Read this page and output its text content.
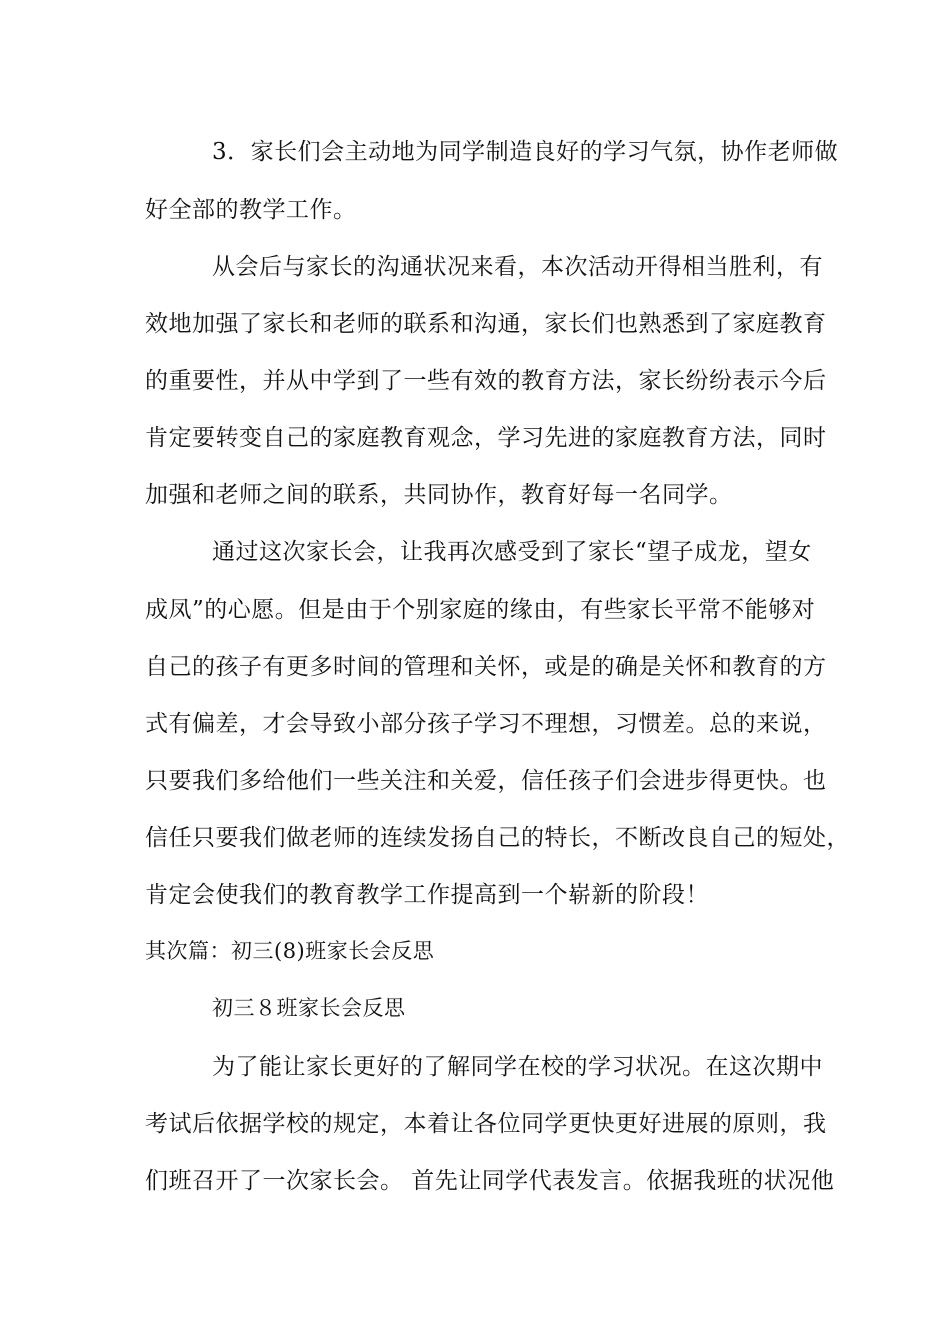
3．家长们会主动地为同学制造良好的学习气氛，协作老师做
好全部的教学工作。
从会后与家长的沟通状况来看，本次活动开得相当胜利，有
效地加强了家长和老师的联系和沟通，家长们也熟悉到了家庭教育
的重要性，并从中学到了一些有效的教育方法，家长纷纷表示今后
肯定要转变自己的家庭教育观念，学习先进的家庭教育方法，同时
加强和老师之间的联系，共同协作，教育好每一名同学。
通过这次家长会，让我再次感受到了家长“望子成龙，望女
成凤”的心愿。但是由于个别家庭的缘由，有些家长平常不能够对
自己的孩子有更多时间的管理和关怀，或是的确是关怀和教育的方
式有偏差，才会导致小部分孩子学习不理想，习惯差。总的来说，
只要我们多给他们一些关注和关爱，信任孩子们会进步得更快。也
信任只要我们做老师的连续发扬自己的特长，不断改良自己的短处，
肯定会使我们的教育教学工作提高到一个崭新的阶段！
其次篇：初三(8)班家长会反思
初三８班家长会反思
为了能让家长更好的了解同学在校的学习状况。在这次期中
考试后依据学校的规定，本着让各位同学更快更好进展的原则，我
们班召开了一次家长会。 首先让同学代表发言。依据我班的状况他
